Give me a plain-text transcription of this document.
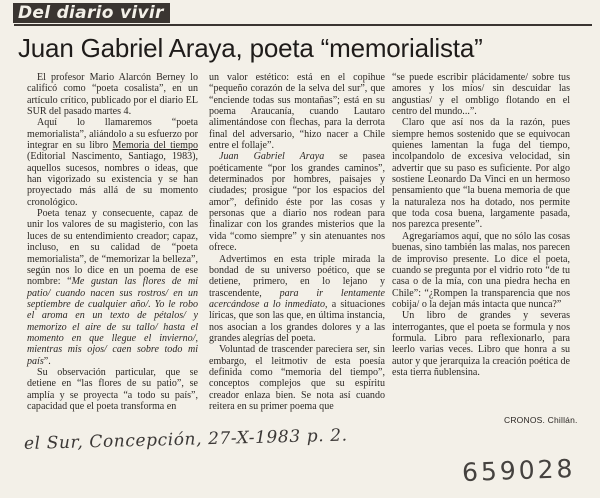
Del diario vivir
Juan Gabriel Araya, poeta “memorialista”

El profesor Mario Alarcón Berney lo calificó como “poeta cosalista”, en un artículo crítico, publicado por el diario EL SUR del pasado martes 4.

Aquí lo llamaremos “poeta memorialista”, aliándolo a su esfuerzo por integrar en su libro Memoria del tiempo (Editorial Nascimento, Santiago, 1983), aquellos sucesos, nombres o ideas, que han vigorizado su existencia y se han proyectado más allá de su momento cronológico.

Poeta tenaz y consecuente, capaz de unir los valores de su magisterio, con las luces de su entendimiento creador; capaz, incluso, en su calidad de “poeta memorialista”, de “memorizar la belleza”, según nos lo dice en un poema de ese nombre: “Me gustan las flores de mi patio/ cuando nacen sus rostros/ en un septiembre de cualquier año/. Yo le robo el aroma en un texto de pétalos/ y memorizo el aire de su tallo/ hasta el momento en que llegue el invierno/, mientras mis ojos/ caen sobre todo mi país”.

Su observación particular, que se detiene en “las flores de su patio”, se amplía y se proyecta “a todo su país”, capacidad que el poeta transforma en

un valor estético: está en el copihue “pequeño corazón de la selva del sur”, que “enciende todas sus montañas”; está en su poema Araucanía, cuando Lautaro alimentándose con flechas, para la derrota final del adversario, “hizo nacer a Chile entre el follaje”.

Juan Gabriel Araya se pasea poéticamente “por los grandes caminos”, determinados por hombres, paisajes y ciudades; prosigue “por los espacios del amor”, definido éste por las cosas y personas que a diario nos rodean para finalizar con los grandes misterios que la vida “como siempre” y sin atenuantes nos ofrece.

Advertimos en esta triple mirada la bondad de su universo poético, que se detiene, primero, en lo lejano y trascendente, para ir lentamente acercándose a lo inmediato, a situaciones líricas, que son las que, en última instancia, nos asocian a los grandes dolores y a las grandes alegrías del poeta.

Voluntad de trascender pareciera ser, sin embargo, el leitmotiv de esta poesía definida como “memoria del tiempo”, conceptos complejos que su espíritu creador enlaza bien. Se nota así cuando reitera en su primer poema que

“se puede escribir plácidamente/ sobre tus amores y los míos/ sin descuidar las angustias/ y el ombligo flotando en el centro del mundo...”.

Claro que así nos da la razón, pues siempre hemos sostenido que se equivocan quienes lamentan la fuga del tiempo, incolpandolo de excesiva velocidad, sin advertir que su paso es suficiente. Por algo sostiene Leonardo Da Vinci en un hermoso pensamiento que “la buena memoria de que la naturaleza nos ha dotado, nos permite que toda cosa buena, largamente pasada, nos parezca presente”.

Agregaríamos aquí, que no sólo las cosas buenas, sino también las malas, nos parecen de improviso presente. Lo dice el poeta, cuando se pregunta por el vidrio roto “de tu casa o de la mía, con una piedra hecha en Chile”: “¿Rompen la transparencia que nos cobija/ o la dejan más intacta que nunca?”

Un libro de grandes y severas interrogantes, que el poeta se formula y nos formula. Libro para reflexionarlo, para leerlo varias veces. Libro que honra a su autor y que jerarquiza la creación poética de esta tierra ñublensina.

CRONOS. Chillán.
el Sur, Concepción, 27-X-1983 p. 2.
659028
